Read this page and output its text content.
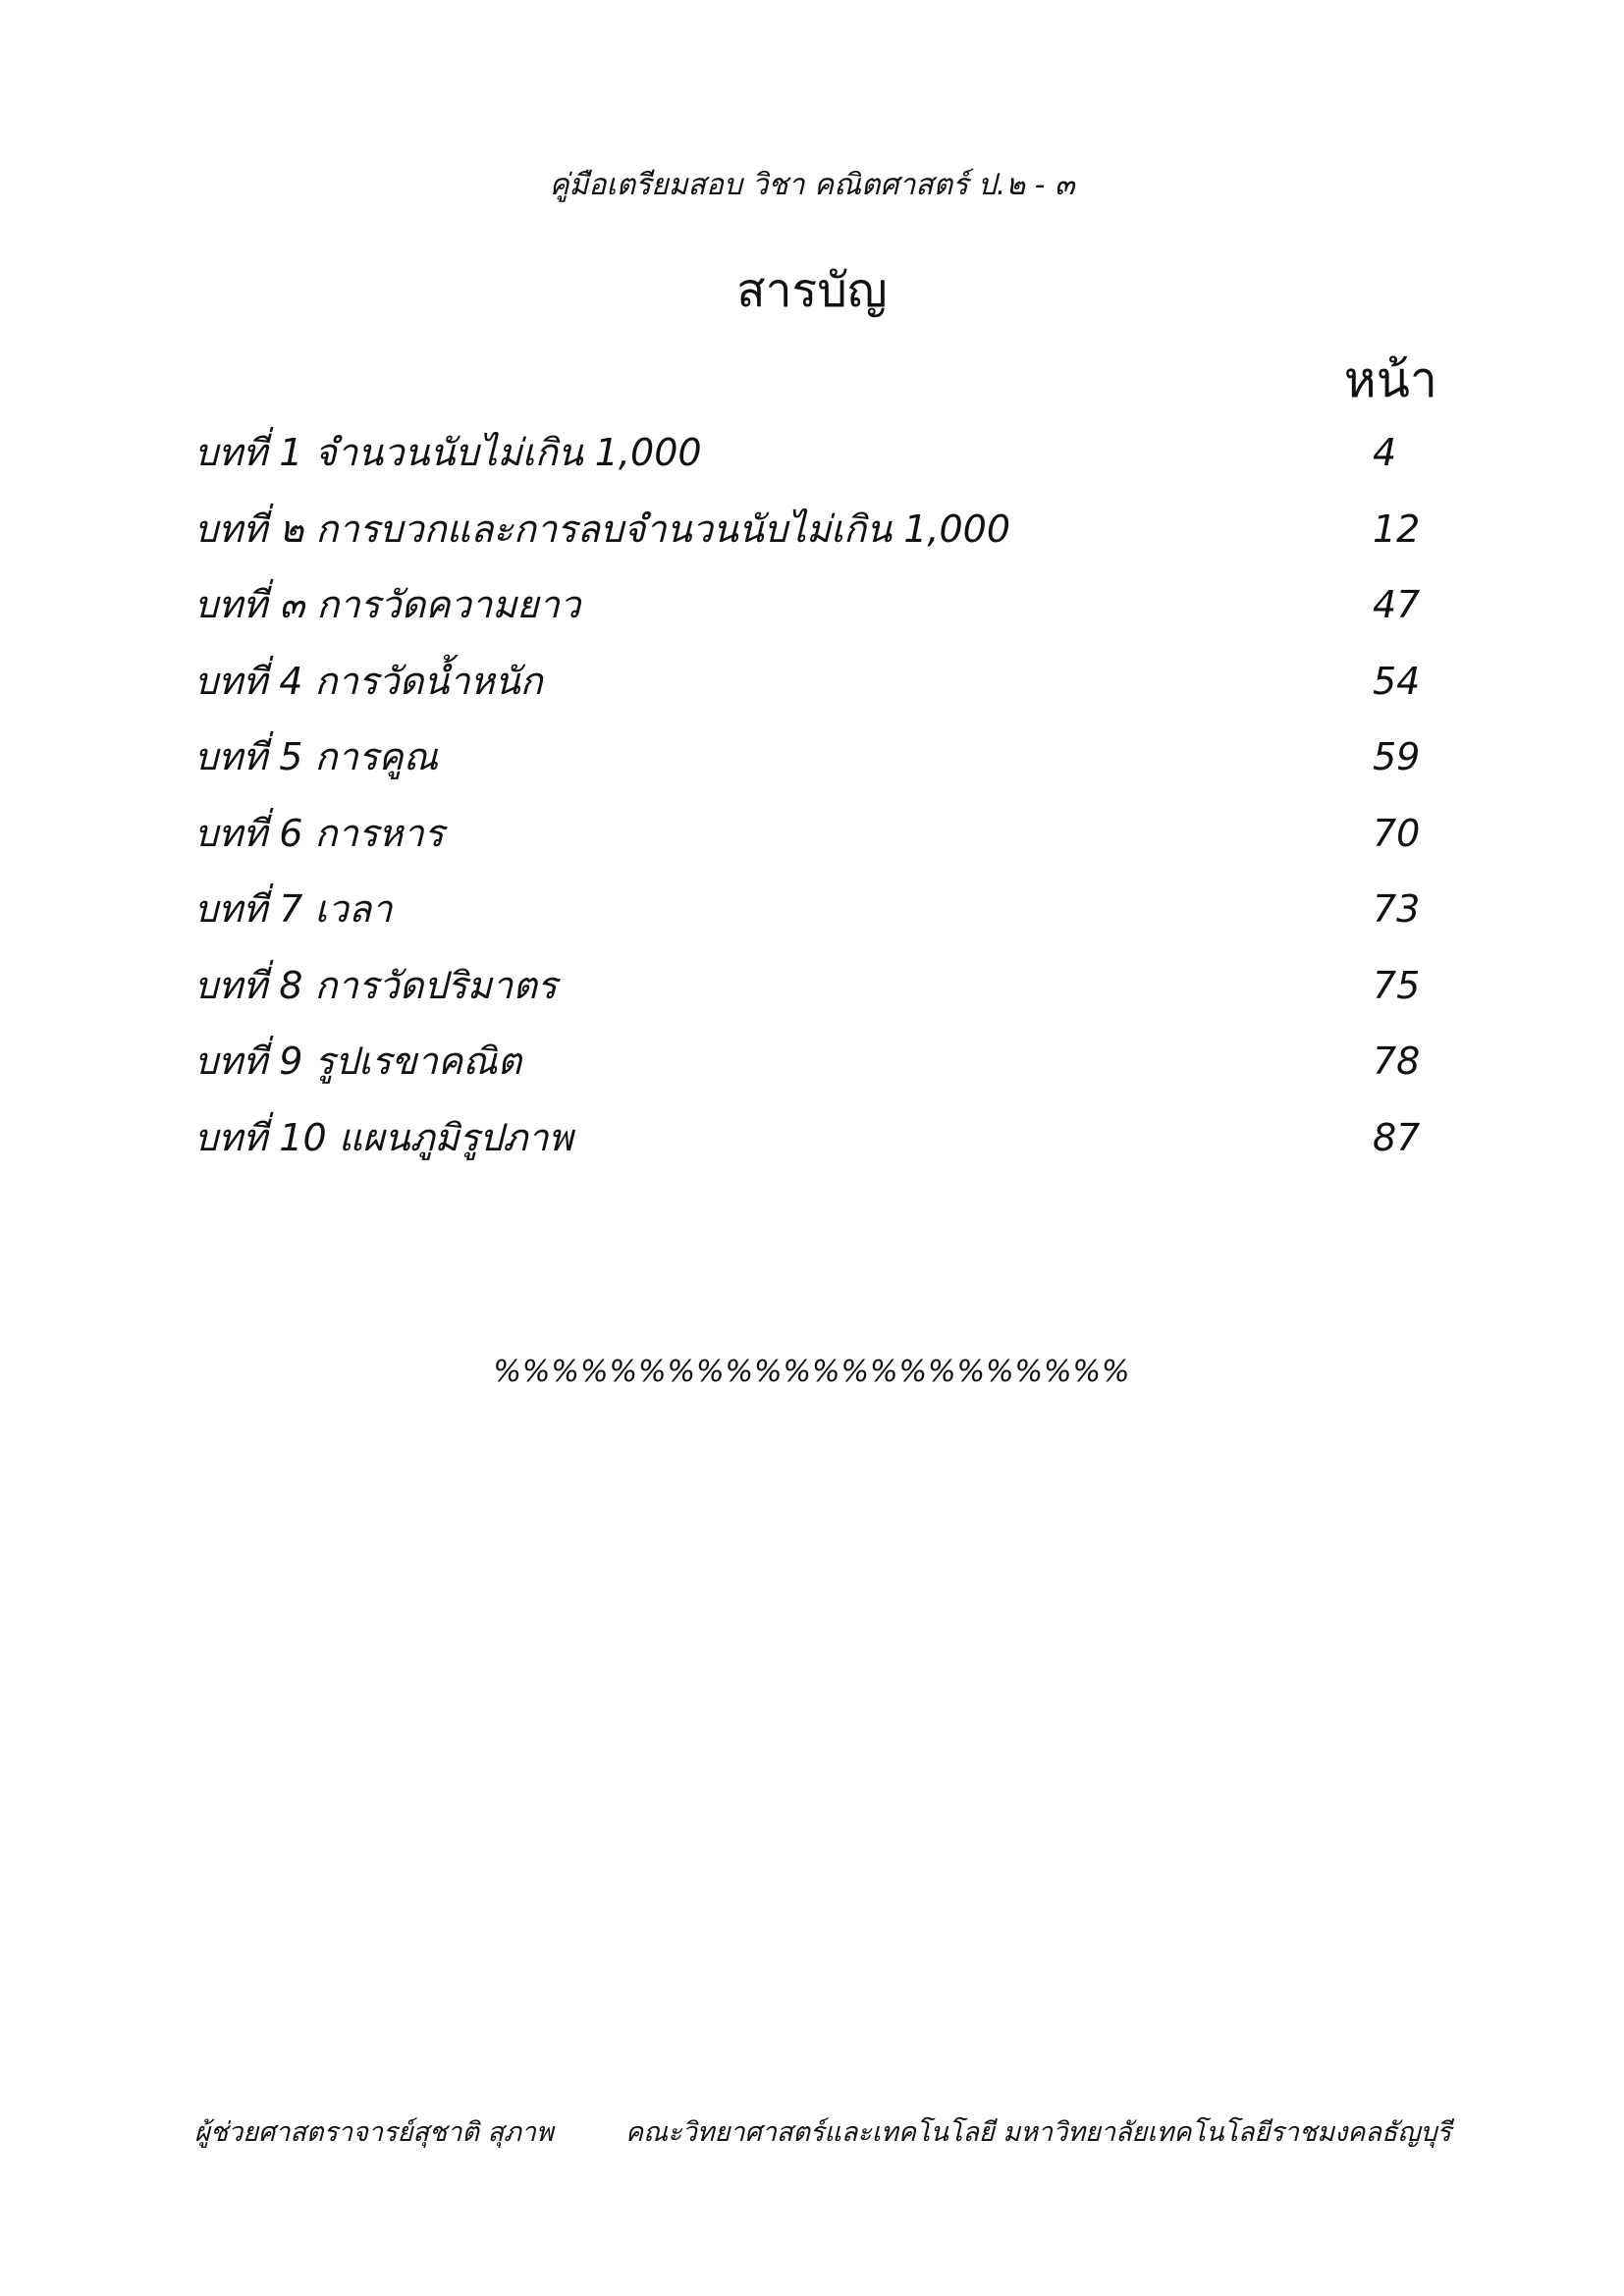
คู่มือเตรียมสอบ วิชา คณิตศาสตร์ ป.๒ - ๓
สารบัญ
หน้า
บทที่ 1 จำนวนนับไม่เกิน 1,000	4
บทที่ ๒ การบวกและการลบจำนวนนับไม่เกิน 1,000	12
บทที่ ๓ การวัดความยาว	47
บทที่ 4 การวัดน้ำหนัก	54
บทที่ 5 การคูณ	59
บทที่ 6 การหาร	70
บทที่ 7 เวลา	73
บทที่ 8 การวัดปริมาตร	75
บทที่ 9 รูปเรขาคณิต	78
บทที่ 10 แผนภูมิรูปภาพ	87
%%%%%%%%%%%%%%%%%%%%%%
ผู้ช่วยศาสตราจารย์สุชาติ สุภาพ	คณะวิทยาศาสตร์และเทคโนโลยี มหาวิทยาลัยเทคโนโลยีราชมงคลธัญบุรี
